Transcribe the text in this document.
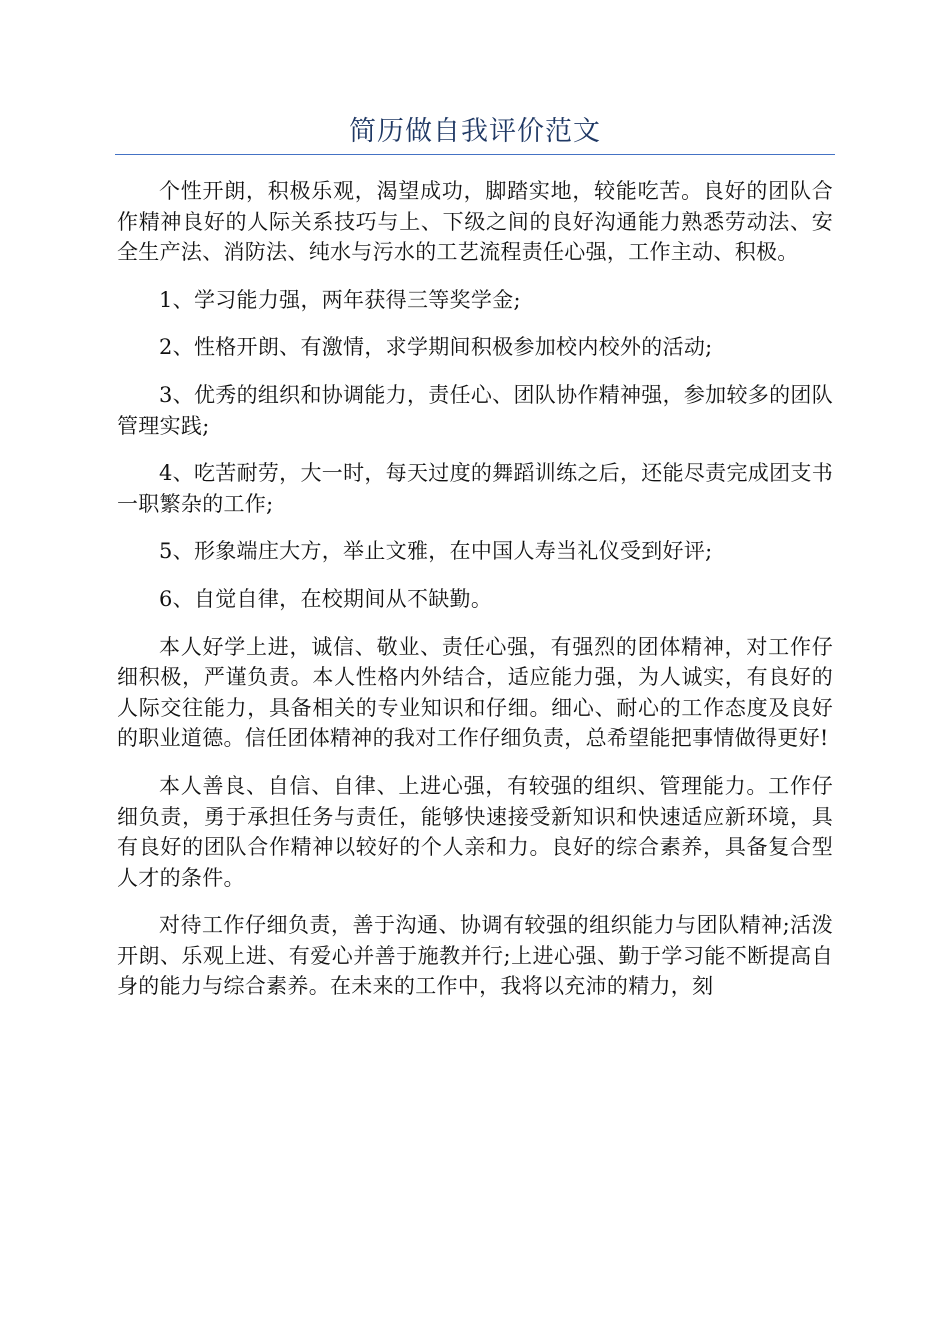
简历做自我评价范文

个性开朗，积极乐观，渴望成功，脚踏实地，较能吃苦。良好的团队合作精神良好的人际关系技巧与上、下级之间的良好沟通能力熟悉劳动法、安全生产法、消防法、纯水与污水的工艺流程责任心强，工作主动、积极。

1、学习能力强，两年获得三等奖学金;

2、性格开朗、有激情，求学期间积极参加校内校外的活动;

3、优秀的组织和协调能力，责任心、团队协作精神强，参加较多的团队管理实践;

4、吃苦耐劳，大一时，每天过度的舞蹈训练之后，还能尽责完成团支书一职繁杂的工作;

5、形象端庄大方，举止文雅，在中国人寿当礼仪受到好评;

6、自觉自律，在校期间从不缺勤。

本人好学上进，诚信、敬业、责任心强，有强烈的团体精神，对工作仔细积极，严谨负责。本人性格内外结合，适应能力强，为人诚实，有良好的人际交往能力，具备相关的专业知识和仔细。细心、耐心的工作态度及良好的职业道德。信任团体精神的我对工作仔细负责，总希望能把事情做得更好!

本人善良、自信、自律、上进心强，有较强的组织、管理能力。工作仔细负责，勇于承担任务与责任，能够快速接受新知识和快速适应新环境，具有良好的团队合作精神以较好的个人亲和力。良好的综合素养，具备复合型人才的条件。

对待工作仔细负责，善于沟通、协调有较强的组织能力与团队精神;活泼开朗、乐观上进、有爱心并善于施教并行;上进心强、勤于学习能不断提高自身的能力与综合素养。在未来的工作中，我将以充沛的精力，刻
